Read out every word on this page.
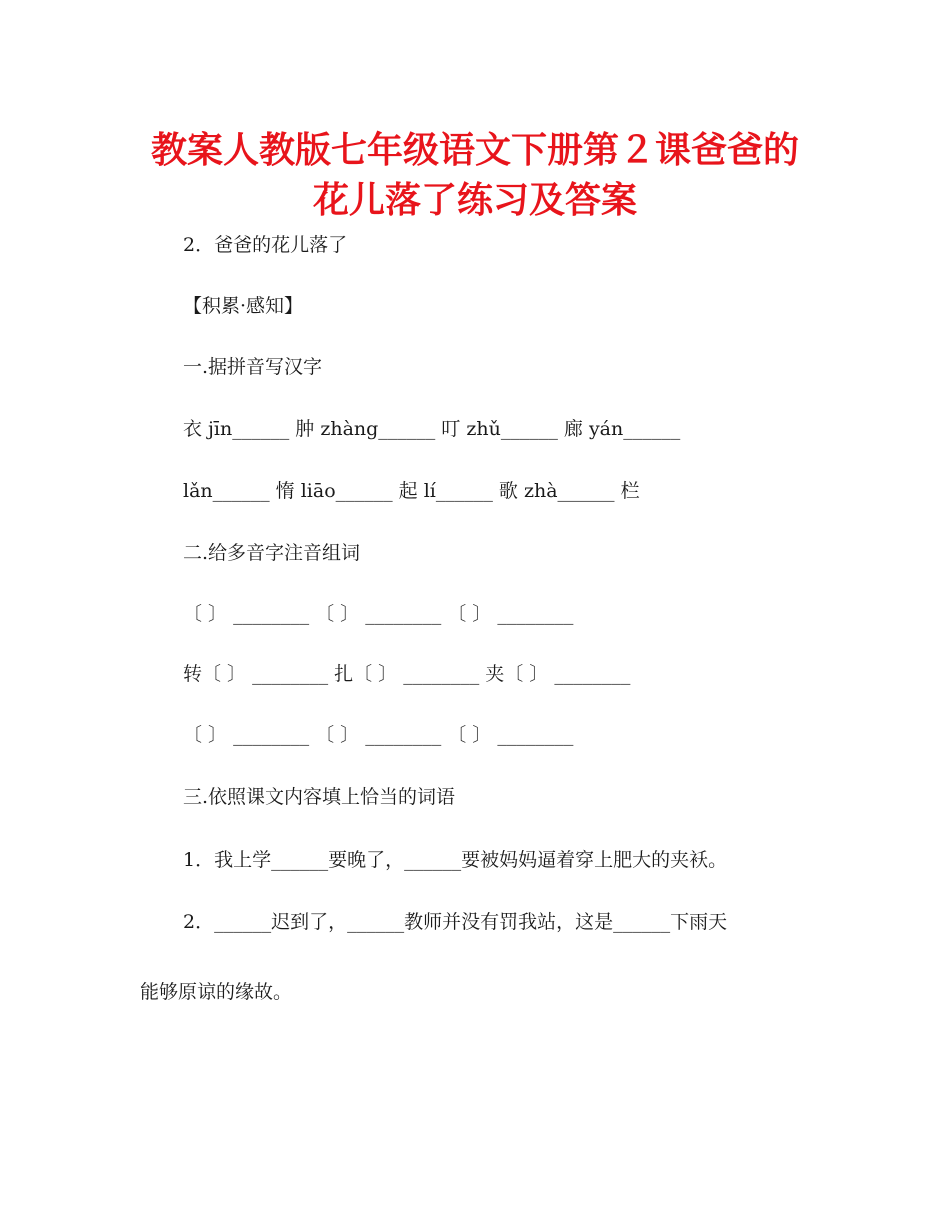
教案人教版七年级语文下册第２课爸爸的
花儿落了练习及答案

2．爸爸的花儿落了

【积累·感知】

一.据拼音写汉字

衣 jīn______ 肿 zhàng______ 叮 zhǔ______ 廊 yán______

lǎn______ 惰 liāo______ 起 lí______ 歌 zhà______ 栏

二.给多音字注音组词

〔 〕 ________ 〔 〕 ________ 〔 〕 ________

转〔 〕 ________ 扎〔 〕 ________ 夹〔 〕 ________

〔 〕 ________ 〔 〕 ________ 〔 〕 ________

三.依照课文内容填上恰当的词语

1．我上学______要晚了，______要被妈妈逼着穿上肥大的夹袄。

2．______迟到了，______教师并没有罚我站，这是______下雨天

能够原谅的缘故。
